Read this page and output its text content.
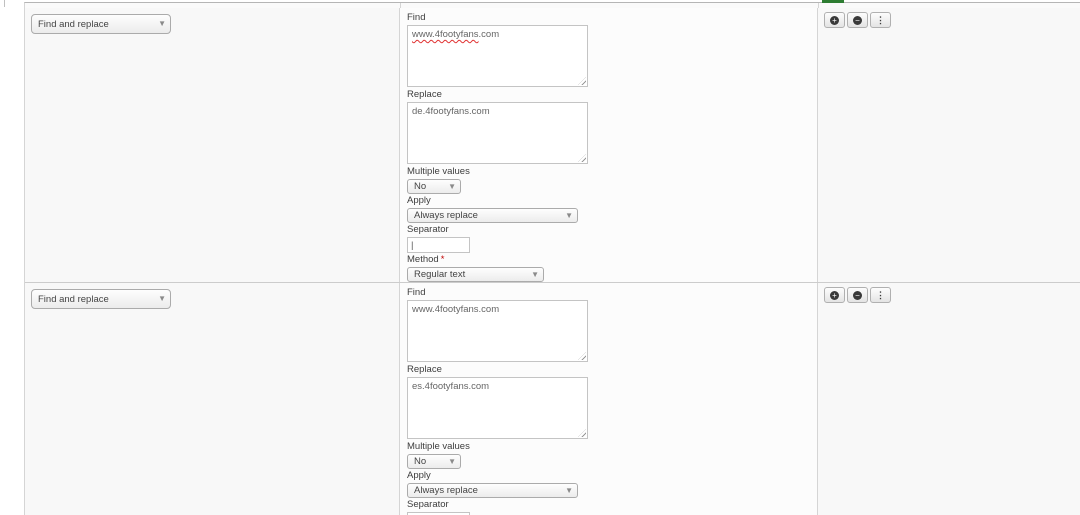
Find and replace	▼
Find
www.4footyfans.com
Replace
de.4footyfans.com
Multiple values
No	▼
Apply
Always replace	▼
Separator
|
Method *
Regular text	▼
+ − ⋮
Find and replace	▼
Find
www.4footyfans.com
Replace
es.4footyfans.com
Multiple values
No	▼
Apply
Always replace	▼
Separator
+ − ⋮
